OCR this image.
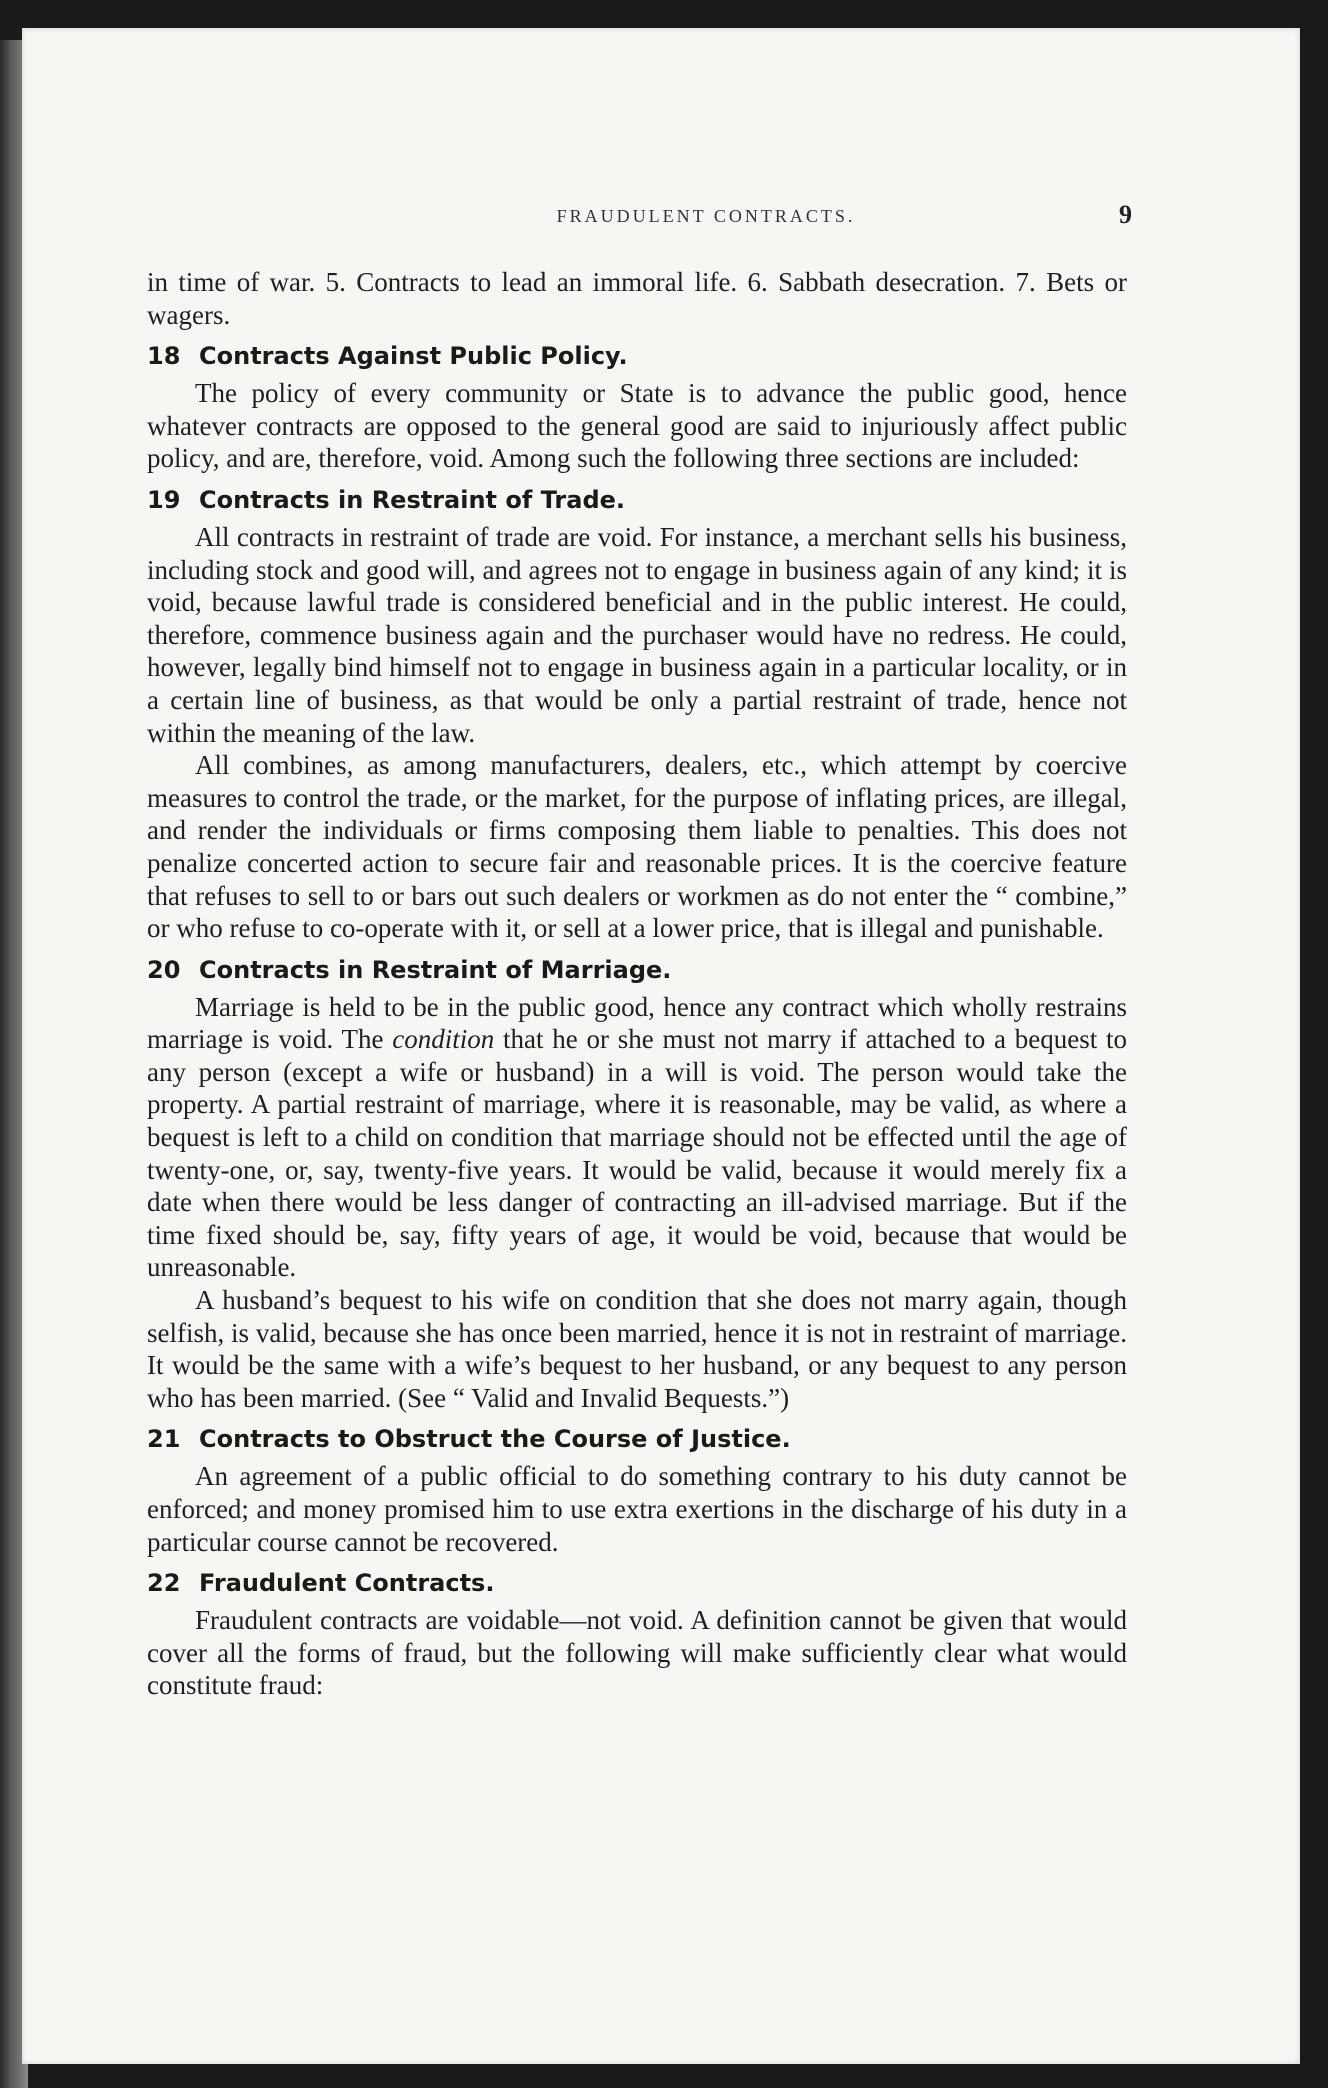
FRAUDULENT CONTRACTS.	9

in time of war. 5. Contracts to lead an immoral life. 6. Sabbath desecration. 7. Bets or wagers.

18 Contracts Against Public Policy.

The policy of every community or State is to advance the public good, hence whatever contracts are opposed to the general good are said to injuriously affect public policy, and are, therefore, void. Among such the following three sections are included:

19 Contracts in Restraint of Trade.

All contracts in restraint of trade are void. For instance, a merchant sells his business, including stock and good will, and agrees not to engage in business again of any kind; it is void, because lawful trade is considered beneficial and in the public interest. He could, therefore, commence business again and the purchaser would have no redress. He could, however, legally bind himself not to engage in business again in a particular locality, or in a certain line of business, as that would be only a partial restraint of trade, hence not within the meaning of the law.

All combines, as among manufacturers, dealers, etc., which attempt by coercive measures to control the trade, or the market, for the purpose of inflating prices, are illegal, and render the individuals or firms composing them liable to penalties. This does not penalize concerted action to secure fair and reasonable prices. It is the coercive feature that refuses to sell to or bars out such dealers or workmen as do not enter the “ combine,” or who refuse to co-operate with it, or sell at a lower price, that is illegal and punishable.

20 Contracts in Restraint of Marriage.

Marriage is held to be in the public good, hence any contract which wholly restrains marriage is void. The condition that he or she must not marry if attached to a bequest to any person (except a wife or husband) in a will is void. The person would take the property. A partial restraint of marriage, where it is reasonable, may be valid, as where a bequest is left to a child on condition that marriage should not be effected until the age of twenty-one, or, say, twenty-five years. It would be valid, because it would merely fix a date when there would be less danger of contracting an ill-advised marriage. But if the time fixed should be, say, fifty years of age, it would be void, because that would be unreasonable.

A husband’s bequest to his wife on condition that she does not marry again, though selfish, is valid, because she has once been married, hence it is not in restraint of marriage. It would be the same with a wife’s bequest to her husband, or any bequest to any person who has been married. (See “ Valid and Invalid Bequests.”)

21 Contracts to Obstruct the Course of Justice.

An agreement of a public official to do something contrary to his duty cannot be enforced; and money promised him to use extra exertions in the discharge of his duty in a particular course cannot be recovered.

22 Fraudulent Contracts.

Fraudulent contracts are voidable—not void. A definition cannot be given that would cover all the forms of fraud, but the following will make sufficiently clear what would constitute fraud:
